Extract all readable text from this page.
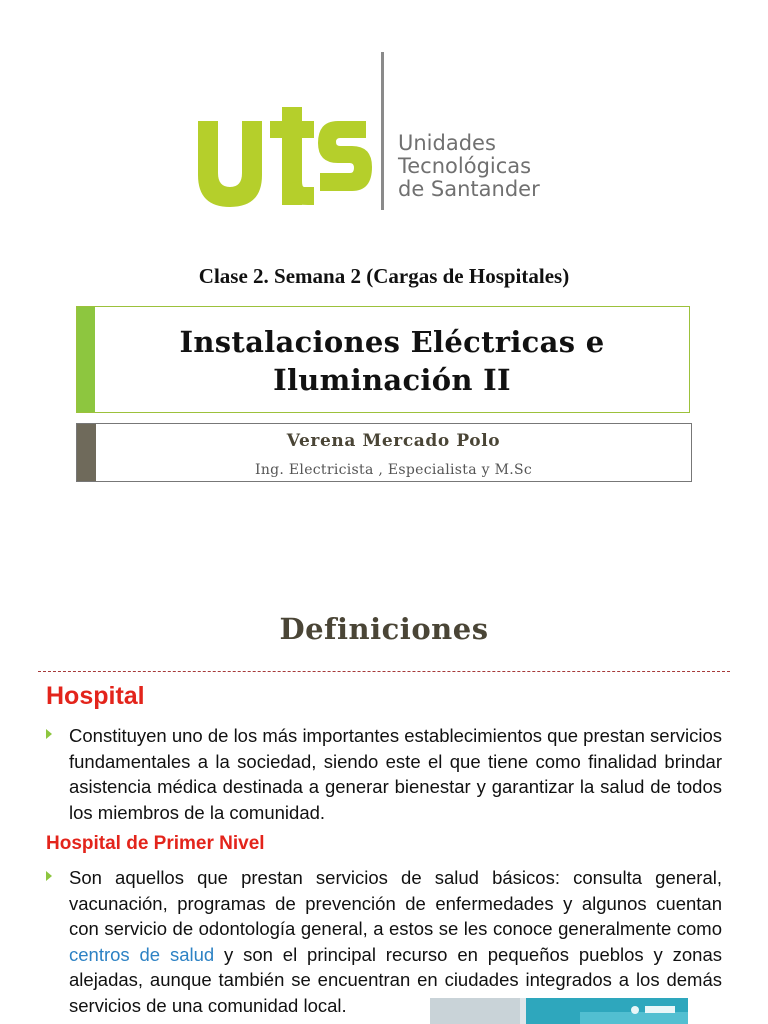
Unidades
Tecnológicas
de Santander
Clase 2. Semana 2 (Cargas de Hospitales)
Instalaciones Eléctricas e
Iluminación II
Verena Mercado Polo
Ing. Electricista , Especialista y M.Sc
Definiciones
Hospital
Constituyen uno de los más importantes establecimientos que prestan servicios fundamentales a la sociedad, siendo este el que tiene como finalidad brindar asistencia médica destinada a generar bienestar y garantizar la salud de todos los miembros de la comunidad.
Hospital de Primer Nivel
Son aquellos que prestan servicios de salud básicos: consulta general, vacunación, programas de prevención de enfermedades y algunos cuentan con servicio de odontología general, a estos se les conoce generalmente como centros de salud y son el principal recurso en pequeños pueblos y zonas alejadas, aunque también se encuentran en ciudades integrados a los demás servicios de una comunidad local.
